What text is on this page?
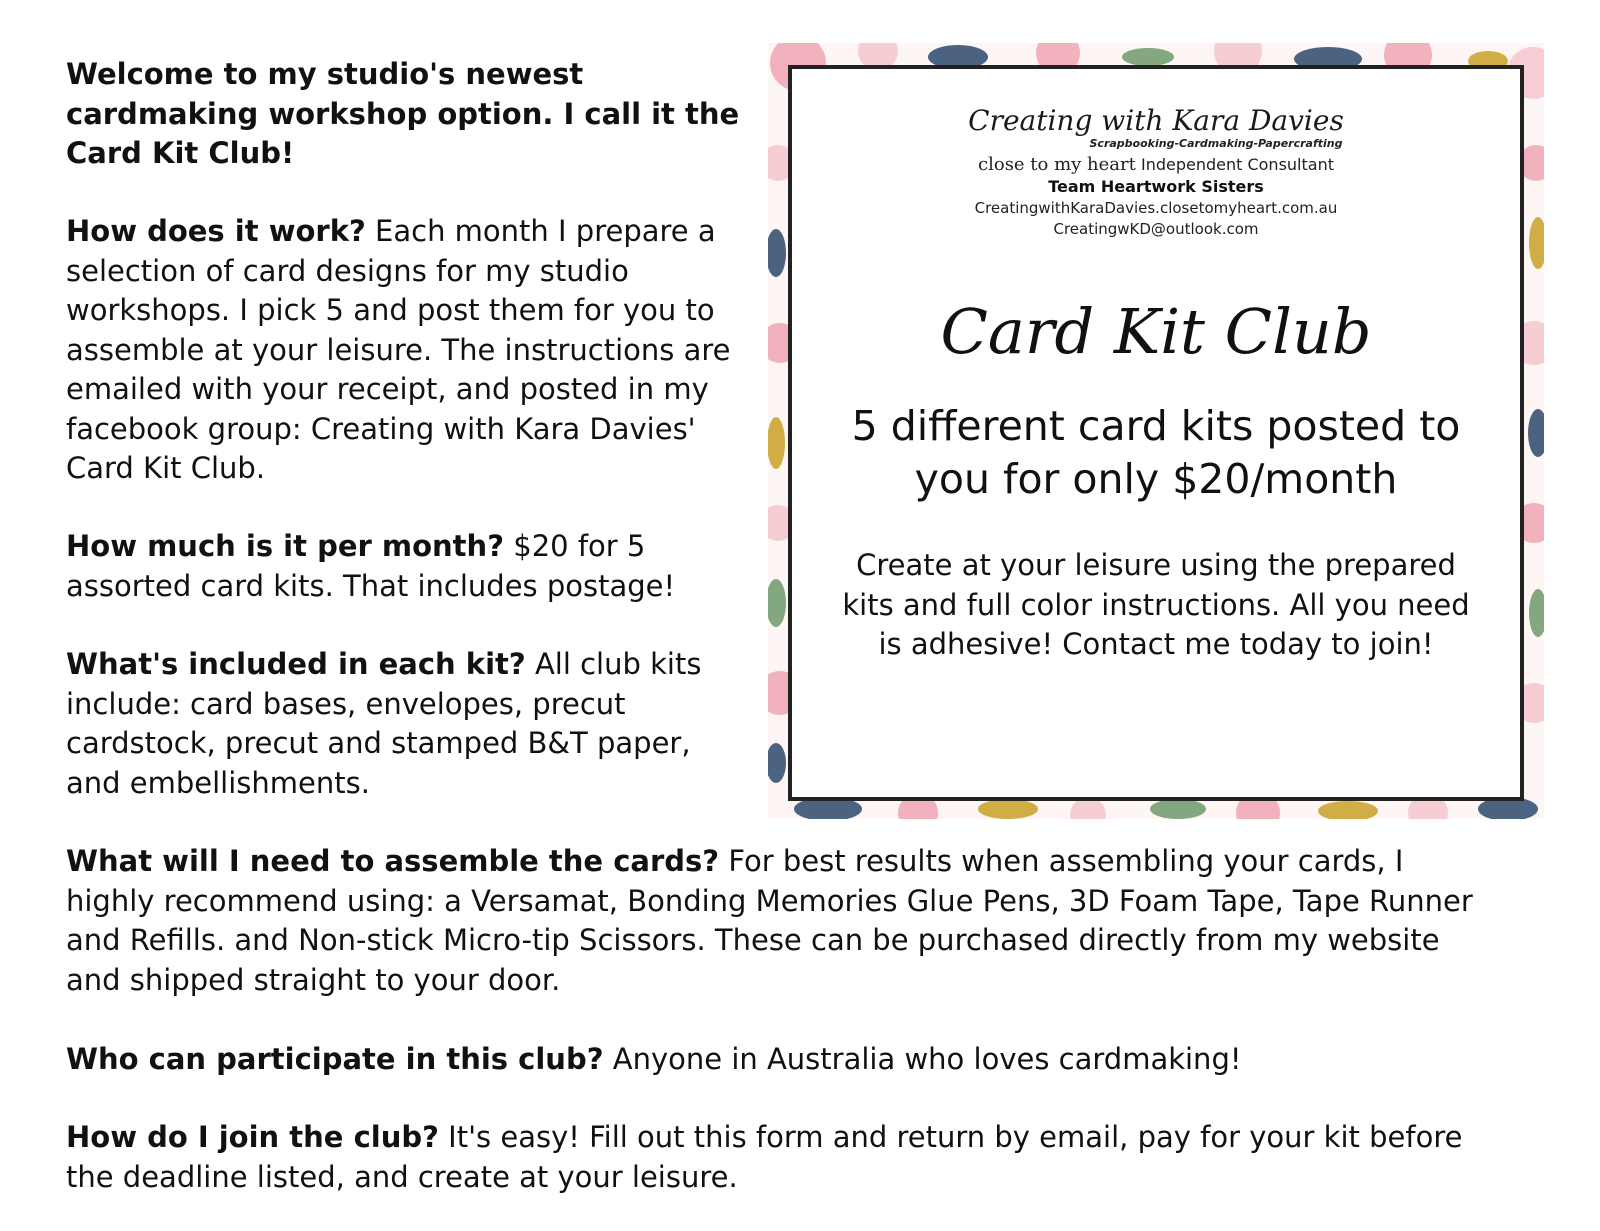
Welcome to my studio's newest cardmaking workshop option. I call it the Card Kit Club!

How does it work? Each month I prepare a selection of card designs for my studio workshops. I pick 5 and post them for you to assemble at your leisure. The instructions are emailed with your receipt, and posted in my facebook group: Creating with Kara Davies' Card Kit Club.

How much is it per month? $20 for 5 assorted card kits. That includes postage!

What's included in each kit? All club kits include: card bases, envelopes, precut cardstock, precut and stamped B&T paper, and embellishments.

What will I need to assemble the cards? For best results when assembling your cards, I highly recommend using: a Versamat, Bonding Memories Glue Pens, 3D Foam Tape, Tape Runner and Refills. and Non-stick Micro-tip Scissors. These can be purchased directly from my website and shipped straight to your door.

Who can participate in this club? Anyone in Australia who loves cardmaking!

How do I join the club? It's easy! Fill out this form and return by email, pay for your kit before the deadline listed, and create at your leisure.

Creating with Kara Davies
Scrapbooking-Cardmaking-Papercrafting
close to my heart Independent Consultant
Team Heartwork Sisters
CreatingwithKaraDavies.closetomyheart.com.au
CreatingwKD@outlook.com
Card Kit Club
5 different card kits posted to you for only $20/month
Create at your leisure using the prepared kits and full color instructions. All you need is adhesive! Contact me today to join!
